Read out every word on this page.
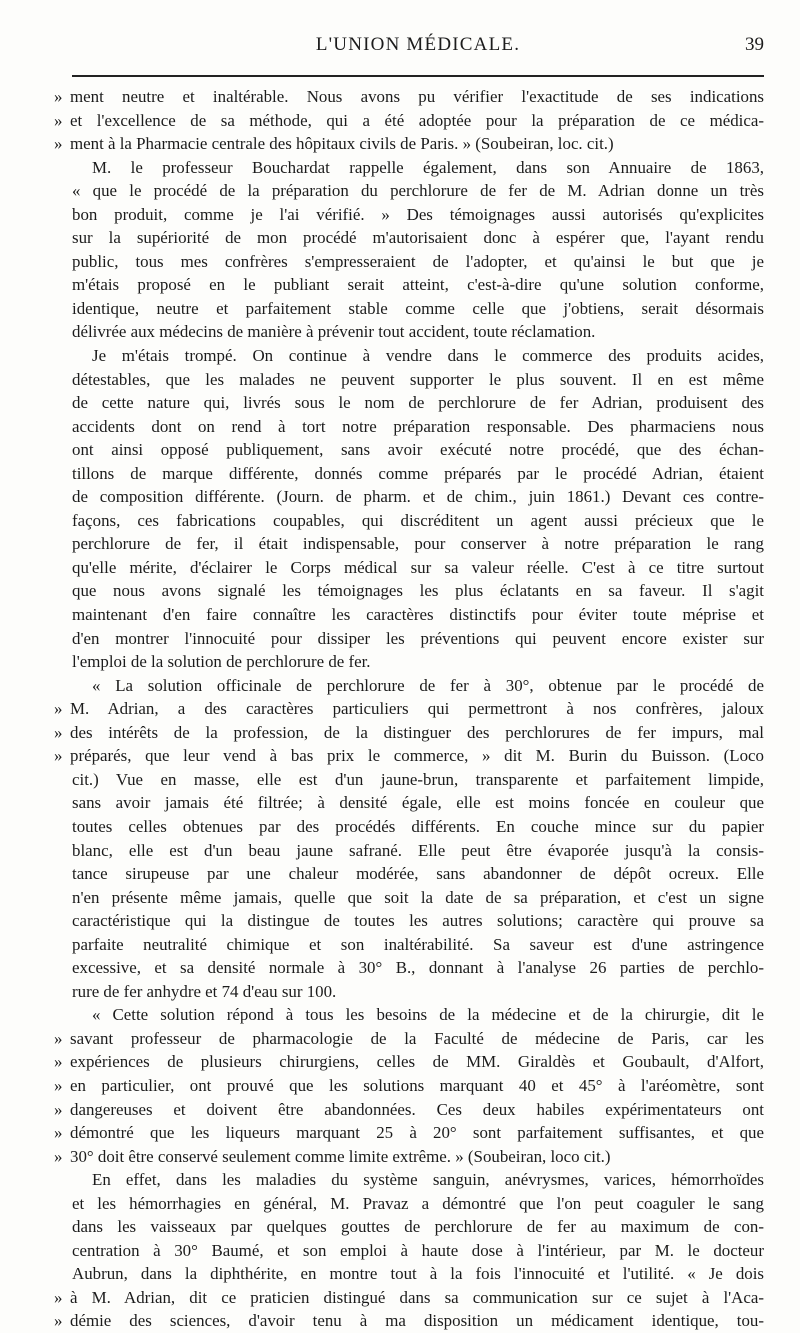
L'UNION MÉDICALE.	39
» ment neutre et inaltérable. Nous avons pu vérifier l'exactitude de ses indications
» et l'excellence de sa méthode, qui a été adoptée pour la préparation de ce médica-
» ment à la Pharmacie centrale des hôpitaux civils de Paris. » (Soubeiran, loc. cit.)
M. le professeur Bouchardat rappelle également, dans son Annuaire de 1863,
« que le procédé de la préparation du perchlorure de fer de M. Adrian donne un très
bon produit, comme je l'ai vérifié. » Des témoignages aussi autorisés qu'explicites
sur la supériorité de mon procédé m'autorisaient donc à espérer que, l'ayant rendu
public, tous mes confrères s'empresseraient de l'adopter, et qu'ainsi le but que je
m'étais proposé en le publiant serait atteint, c'est-à-dire qu'une solution conforme,
identique, neutre et parfaitement stable comme celle que j'obtiens, serait désormais
délivrée aux médecins de manière à prévenir tout accident, toute réclamation.
Je m'étais trompé. On continue à vendre dans le commerce des produits acides,
détestables, que les malades ne peuvent supporter le plus souvent. Il en est même
de cette nature qui, livrés sous le nom de perchlorure de fer Adrian, produisent des
accidents dont on rend à tort notre préparation responsable. Des pharmaciens nous
ont ainsi opposé publiquement, sans avoir exécuté notre procédé, que des échan-
tillons de marque différente, donnés comme préparés par le procédé Adrian, étaient
de composition différente. (Journ. de pharm. et de chim., juin 1861.) Devant ces contre-
façons, ces fabrications coupables, qui discréditent un agent aussi précieux que le
perchlorure de fer, il était indispensable, pour conserver à notre préparation le rang
qu'elle mérite, d'éclairer le Corps médical sur sa valeur réelle. C'est à ce titre surtout
que nous avons signalé les témoignages les plus éclatants en sa faveur. Il s'agit
maintenant d'en faire connaître les caractères distinctifs pour éviter toute méprise et
d'en montrer l'innocuité pour dissiper les préventions qui peuvent encore exister sur
l'emploi de la solution de perchlorure de fer.
« La solution officinale de perchlorure de fer à 30°, obtenue par le procédé de
» M. Adrian, a des caractères particuliers qui permettront à nos confrères, jaloux
» des intérêts de la profession, de la distinguer des perchlorures de fer impurs, mal
» préparés, que leur vend à bas prix le commerce, » dit M. Burin du Buisson. (Loco
cit.) Vue en masse, elle est d'un jaune-brun, transparente et parfaitement limpide,
sans avoir jamais été filtrée; à densité égale, elle est moins foncée en couleur que
toutes celles obtenues par des procédés différents. En couche mince sur du papier
blanc, elle est d'un beau jaune safrané. Elle peut être évaporée jusqu'à la consis-
tance sirupeuse par une chaleur modérée, sans abandonner de dépôt ocreux. Elle
n'en présente même jamais, quelle que soit la date de sa préparation, et c'est un signe
caractéristique qui la distingue de toutes les autres solutions; caractère qui prouve sa
parfaite neutralité chimique et son inaltérabilité. Sa saveur est d'une astringence
excessive, et sa densité normale à 30° B., donnant à l'analyse 26 parties de perchlo-
rure de fer anhydre et 74 d'eau sur 100.
« Cette solution répond à tous les besoins de la médecine et de la chirurgie, dit le
» savant professeur de pharmacologie de la Faculté de médecine de Paris, car les
» expériences de plusieurs chirurgiens, celles de MM. Giraldès et Goubault, d'Alfort,
» en particulier, ont prouvé que les solutions marquant 40 et 45° à l'aréomètre, sont
» dangereuses et doivent être abandonnées. Ces deux habiles expérimentateurs ont
» démontré que les liqueurs marquant 25 à 20° sont parfaitement suffisantes, et que
» 30° doit être conservé seulement comme limite extrême. » (Soubeiran, loco cit.)
En effet, dans les maladies du système sanguin, anévrysmes, varices, hémorrhoïdes
et les hémorrhagies en général, M. Pravaz a démontré que l'on peut coaguler le sang
dans les vaisseaux par quelques gouttes de perchlorure de fer au maximum de con-
centration à 30° Baumé, et son emploi à haute dose à l'intérieur, par M. le docteur
Aubrun, dans la diphthérite, en montre tout à la fois l'innocuité et l'utilité. « Je dois
» à M. Adrian, dit ce praticien distingué dans sa communication sur ce sujet à l'Aca-
» démie des sciences, d'avoir tenu à ma disposition un médicament identique, tou-
